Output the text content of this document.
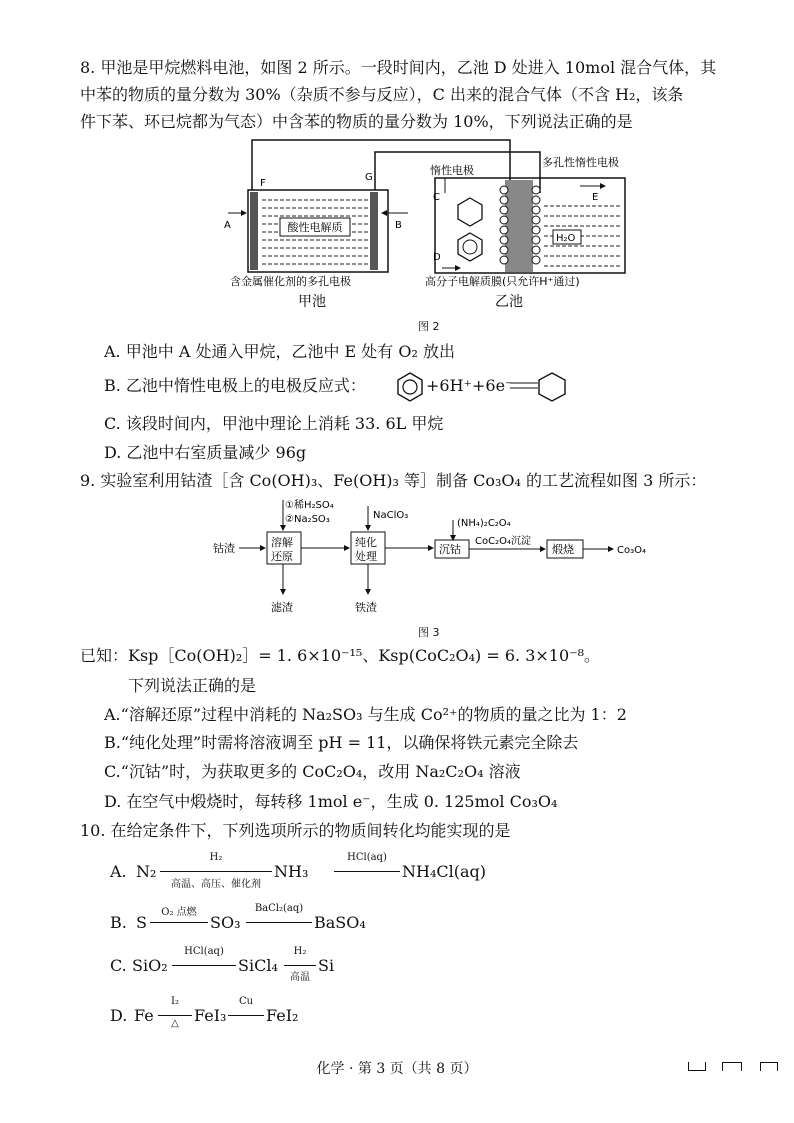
8. 甲池是甲烷燃料电池，如图 2 所示。一段时间内，乙池 D 处进入 10mol 混合气体，其
中苯的物质的量分数为 30%（杂质不参与反应），C 出来的混合气体（不含 H₂，该条
件下苯、环已烷都为气态）中含苯的物质的量分数为 10%，下列说法正确的是
酸性电解质
F
G
A	B
含金属催化剂的多孔电极
甲池
H₂O
惰性电极
多孔性惰性电极
C
D
E
高分子电解质膜(只允许H⁺通过)
乙池
图 2
A. 甲池中 A 处通入甲烷，乙池中 E 处有 O₂ 放出
B. 乙池中惰性电极上的电极反应式：	+6H⁺+6e⁻
C. 该段时间内，甲池中理论上消耗 33. 6L 甲烷
D. 乙池中右室质量减少 96g
9. 实验室利用钴渣［含 Co(OH)₃、Fe(OH)₃ 等］制备 Co₃O₄ 的工艺流程如图 3 所示：
①稀H₂SO₄
②Na₂SO₃	NaClO₃
(NH₄)₂C₂O₄
钴渣	溶解
还原
纯化
处理
沉钴
CoC₂O₄沉淀
煅烧	Co₃O₄
滤渣	铁渣
图 3
已知：Ksp［Co(OH)₂］= 1. 6×10⁻¹⁵、Ksp(CoC₂O₄) = 6. 3×10⁻⁸。
下列说法正确的是
A.“溶解还原”过程中消耗的 Na₂SO₃ 与生成 Co²⁺的物质的量之比为 1：2
B.“纯化处理”时需将溶液调至 pH = 11，以确保将铁元素完全除去
C.“沉钴”时，为获取更多的 CoC₂O₄，改用 Na₂C₂O₄ 溶液
D. 在空气中煅烧时，每转移 1mol e⁻，生成 0. 125mol Co₃O₄
10. 在给定条件下，下列选项所示的物质间转化均能实现的是
A. N₂
H₂
高温、高压、催化剂
NH₃
HCl(aq)
NH₄Cl(aq)
B. S
O₂ 点燃
SO₃
BaCl₂(aq)
BaSO₄
C. SiO₂
HCl(aq)
SiCl₄
H₂
高温
Si
D. Fe
I₂
△ FeI₃
Cu
FeI₂
化学 · 第 3 页（共 8 页）
